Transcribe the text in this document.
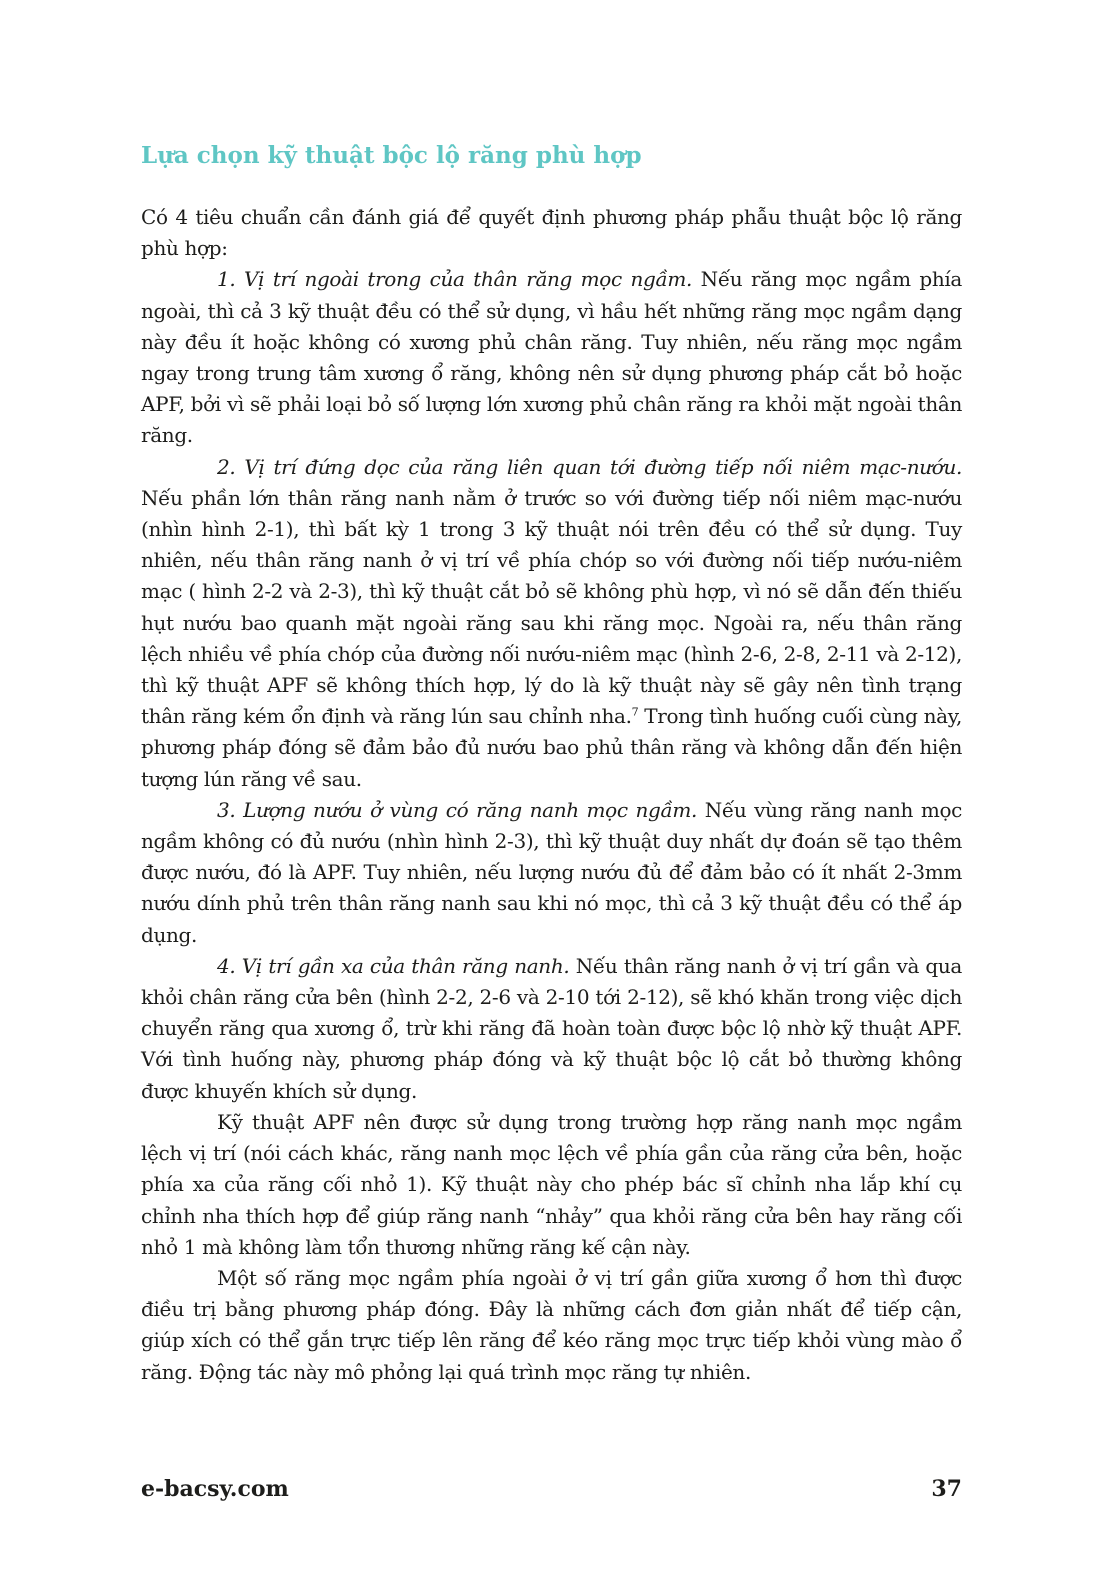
Lựa chọn kỹ thuật bộc lộ răng phù hợp

Có 4 tiêu chuẩn cần đánh giá để quyết định phương pháp phẫu thuật bộc lộ răng phù hợp:

1. Vị trí ngoài trong của thân răng mọc ngầm. Nếu răng mọc ngầm phía ngoài, thì cả 3 kỹ thuật đều có thể sử dụng, vì hầu hết những răng mọc ngầm dạng này đều ít hoặc không có xương phủ chân răng. Tuy nhiên, nếu răng mọc ngầm ngay trong trung tâm xương ổ răng, không nên sử dụng phương pháp cắt bỏ hoặc APF, bởi vì sẽ phải loại bỏ số lượng lớn xương phủ chân răng ra khỏi mặt ngoài thân răng.

2. Vị trí đứng dọc của răng liên quan tới đường tiếp nối niêm mạc-nướu. Nếu phần lớn thân răng nanh nằm ở trước so với đường tiếp nối niêm mạc-nướu (nhìn hình 2-1), thì bất kỳ 1 trong 3 kỹ thuật nói trên đều có thể sử dụng. Tuy nhiên, nếu thân răng nanh ở vị trí về phía chóp so với đường nối tiếp nướu-niêm mạc ( hình 2-2 và 2-3), thì kỹ thuật cắt bỏ sẽ không phù hợp, vì nó sẽ dẫn đến thiếu hụt nướu bao quanh mặt ngoài răng sau khi răng mọc. Ngoài ra, nếu thân răng lệch nhiều về phía chóp của đường nối nướu-niêm mạc (hình 2-6, 2-8, 2-11 và 2-12), thì kỹ thuật APF sẽ không thích hợp, lý do là kỹ thuật này sẽ gây nên tình trạng thân răng kém ổn định và răng lún sau chỉnh nha.$^7$ Trong tình huống cuối cùng này, phương pháp đóng sẽ đảm bảo đủ nướu bao phủ thân răng và không dẫn đến hiện tượng lún răng về sau.

3. Lượng nướu ở vùng có răng nanh mọc ngầm. Nếu vùng răng nanh mọc ngầm không có đủ nướu (nhìn hình 2-3), thì kỹ thuật duy nhất dự đoán sẽ tạo thêm được nướu, đó là APF. Tuy nhiên, nếu lượng nướu đủ để đảm bảo có ít nhất 2-3mm nướu dính phủ trên thân răng nanh sau khi nó mọc, thì cả 3 kỹ thuật đều có thể áp dụng.

4. Vị trí gần xa của thân răng nanh. Nếu thân răng nanh ở vị trí gần và qua khỏi chân răng cửa bên (hình 2-2, 2-6 và 2-10 tới 2-12), sẽ khó khăn trong việc dịch chuyển răng qua xương ổ, trừ khi răng đã hoàn toàn được bộc lộ nhờ kỹ thuật APF. Với tình huống này, phương pháp đóng và kỹ thuật bộc lộ cắt bỏ thường không được khuyến khích sử dụng.

Kỹ thuật APF nên được sử dụng trong trường hợp răng nanh mọc ngầm lệch vị trí (nói cách khác, răng nanh mọc lệch về phía gần của răng cửa bên, hoặc phía xa của răng cối nhỏ 1). Kỹ thuật này cho phép bác sĩ chỉnh nha lắp khí cụ chỉnh nha thích hợp để giúp răng nanh “nhảy” qua khỏi răng cửa bên hay răng cối nhỏ 1 mà không làm tổn thương những răng kế cận này.

Một số răng mọc ngầm phía ngoài ở vị trí gần giữa xương ổ hơn thì được điều trị bằng phương pháp đóng. Đây là những cách đơn giản nhất để tiếp cận, giúp xích có thể gắn trực tiếp lên răng để kéo răng mọc trực tiếp khỏi vùng mào ổ răng. Động tác này mô phỏng lại quá trình mọc răng tự nhiên.

e-bacsy.com	37
